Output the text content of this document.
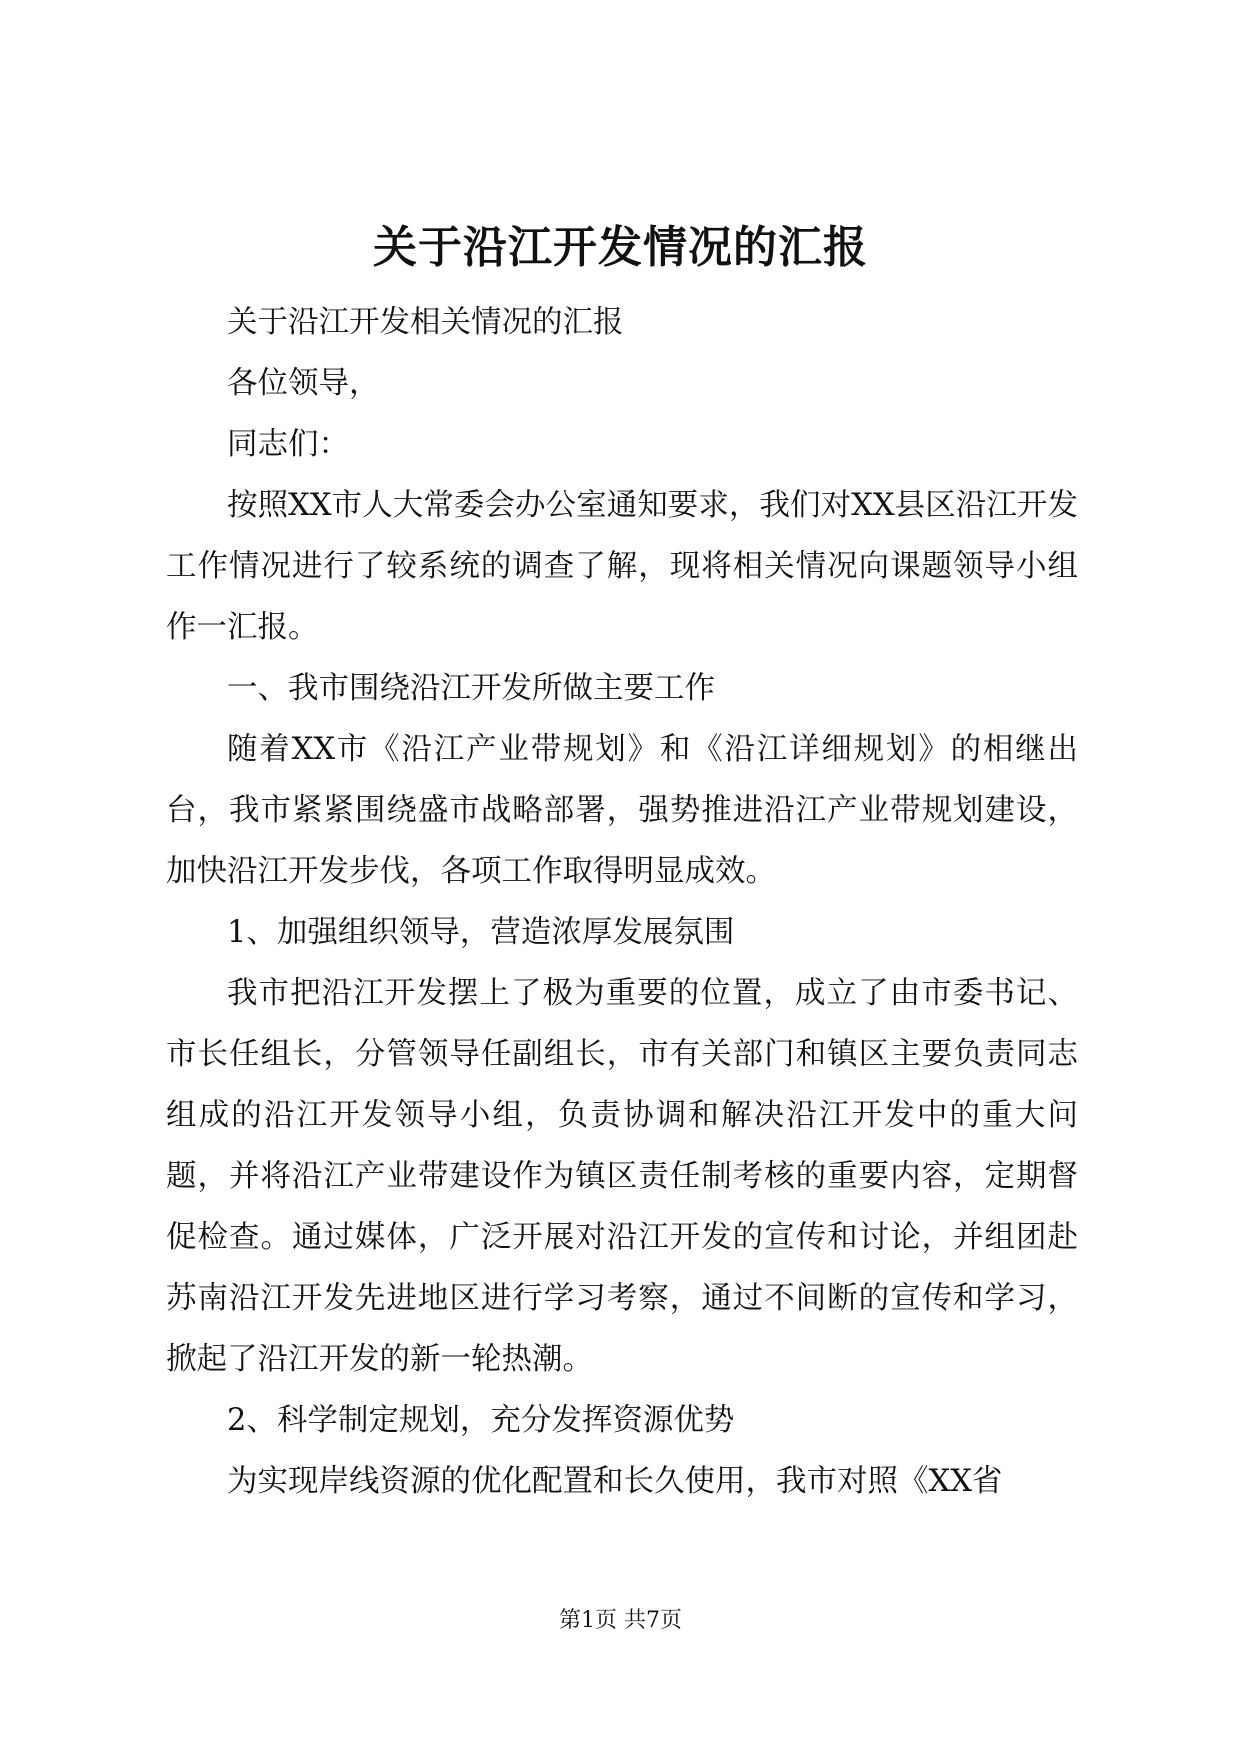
关于沿江开发情况的汇报

关于沿江开发相关情况的汇报

各位领导，

同志们：

按照XX市人大常委会办公室通知要求，我们对XX县区沿江开发工作情况进行了较系统的调查了解，现将相关情况向课题领导小组作一汇报。

一、我市围绕沿江开发所做主要工作

随着XX市《沿江产业带规划》和《沿江详细规划》的相继出台，我市紧紧围绕盛市战略部署，强势推进沿江产业带规划建设，加快沿江开发步伐，各项工作取得明显成效。

1、加强组织领导，营造浓厚发展氛围

我市把沿江开发摆上了极为重要的位置，成立了由市委书记、市长任组长，分管领导任副组长，市有关部门和镇区主要负责同志组成的沿江开发领导小组，负责协调和解决沿江开发中的重大问题，并将沿江产业带建设作为镇区责任制考核的重要内容，定期督促检查。通过媒体，广泛开展对沿江开发的宣传和讨论，并组团赴苏南沿江开发先进地区进行学习考察，通过不间断的宣传和学习，掀起了沿江开发的新一轮热潮。

2、科学制定规划，充分发挥资源优势

为实现岸线资源的优化配置和长久使用，我市对照《XX省

第1页 共7页
